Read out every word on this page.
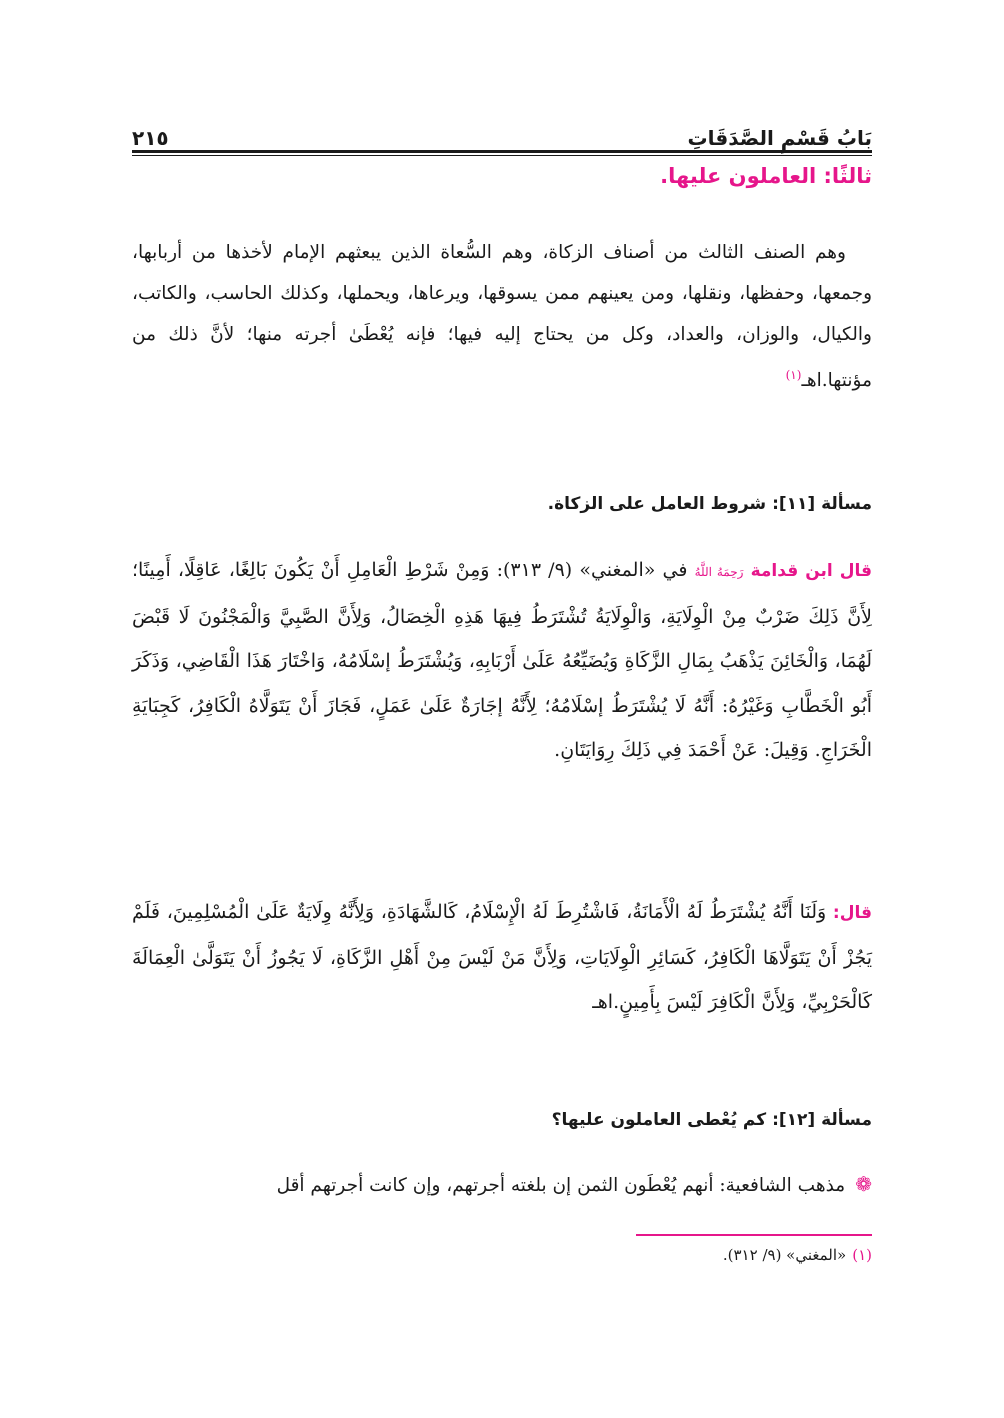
بَابُ قَسْمِ الصَّدَقَاتِ
٢١٥
ثالثًا: العاملون عليها.
وهم الصنف الثالث من أصناف الزكاة، وهم السُّعاة الذين يبعثهم الإمام لأخذها من أربابها، وجمعها، وحفظها، ونقلها، ومن يعينهم ممن يسوقها، ويرعاها، ويحملها، وكذلك الحاسب، والكاتب، والكيال، والوزان، والعداد، وكل من يحتاج إليه فيها؛ فإنه يُعْطَىٰ أجرته منها؛ لأنَّ ذلك من مؤنتها.اهـ$^{(١)}$
مسألة [١١]: شروط العامل على الزكاة.
قال ابن قدامة رَحِمَهُ اللَّهُ في «المغني» (٩/ ٣١٣): وَمِنْ شَرْطِ الْعَامِلِ أَنْ يَكُونَ بَالِغًا، عَاقِلًا، أَمِينًا؛ لِأَنَّ ذَلِكَ ضَرْبٌ مِنْ الْوِلَايَةِ، وَالْوِلَايَةُ تُشْتَرَطُ فِيهَا هَذِهِ الْخِصَالُ، وَلِأَنَّ الصَّبِيَّ وَالْمَجْنُونَ لَا قَبْضَ لَهُمَا، وَالْخَائِنَ يَذْهَبُ بِمَالِ الزَّكَاةِ وَيُضَيِّعُهُ عَلَىٰ أَرْبَابِهِ، وَيُشْتَرَطُ إسْلَامُهُ، وَاخْتَارَ هَذَا الْقَاضِي، وَذَكَرَ أَبُو الْخَطَّابِ وَغَيْرُهُ: أَنَّهُ لَا يُشْتَرَطُ إسْلَامُهُ؛ لِأَنَّهُ إجَارَةٌ عَلَىٰ عَمَلٍ، فَجَازَ أَنْ يَتَوَلَّاهُ الْكَافِرُ، كَجِبَايَةِ الْخَرَاجِ. وَقِيلَ: عَنْ أَحْمَدَ فِي ذَلِكَ رِوَايَتَانِ.
قال: وَلَنَا أَنَّهُ يُشْتَرَطُ لَهُ الْأَمَانَةُ، فَاشْتُرِطَ لَهُ الْإِسْلَامُ، كَالشَّهَادَةِ، وَلِأَنَّهُ وِلَايَةٌ عَلَىٰ الْمُسْلِمِينَ، فَلَمْ يَجُزْ أَنْ يَتَوَلَّاهَا الْكَافِرُ، كَسَائِرِ الْوِلَايَاتِ، وَلِأَنَّ مَنْ لَيْسَ مِنْ أَهْلِ الزَّكَاةِ، لَا يَجُوزُ أَنْ يَتَوَلَّىٰ الْعِمَالَةَ كَالْحَرْبِيِّ، وَلِأَنَّ الْكَافِرَ لَيْسَ بِأَمِينٍ.اهـ
مسألة [١٢]: كم يُعْطى العاملون عليها؟
❁مذهب الشافعية: أنهم يُعْطَون الثمن إن بلغته أجرتهم، وإن كانت أجرتهم أقل
(١)«المغني» (٩/ ٣١٢).
